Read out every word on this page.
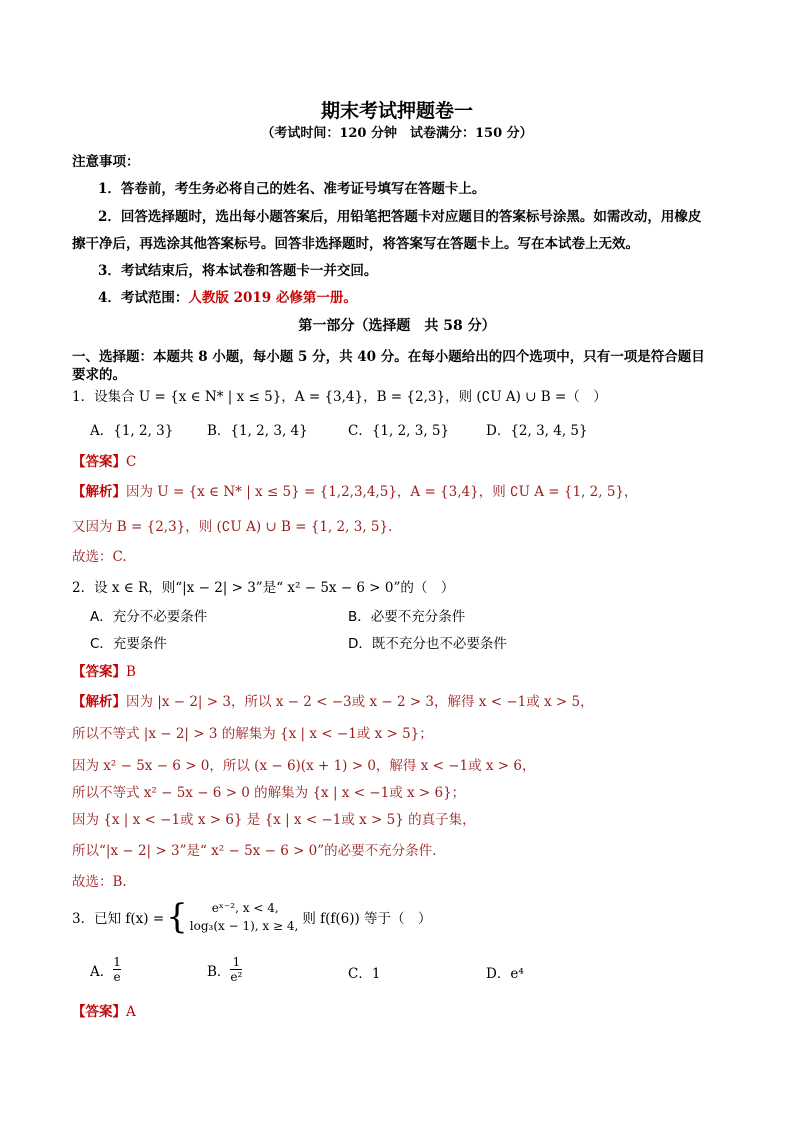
期末考试押题卷一
（考试时间：120 分钟　试卷满分：150 分）
注意事项：
1．答卷前，考生务必将自己的姓名、准考证号填写在答题卡上。
2．回答选择题时，选出每小题答案后，用铅笔把答题卡对应题目的答案标号涂黑。如需改动，用橡皮
擦干净后，再选涂其他答案标号。回答非选择题时，将答案写在答题卡上。写在本试卷上无效。
3．考试结束后，将本试卷和答题卡一并交回。
4．考试范围：人教版 2019 必修第一册。
第一部分（选择题　共 58 分）
一、选择题：本题共 8 小题，每小题 5 分，共 40 分。在每小题给出的四个选项中，只有一项是符合题目
要求的。
1．设集合 U = {x ∈ N* | x ≤ 5}，A = {3,4}，B = {2,3}，则 (∁U A) ∪ B =（　）
A．{1, 2, 3} B．{1, 2, 3, 4}	C．{1, 2, 3, 5}	D．{2, 3, 4, 5}
【答案】C
【解析】因为 U = {x ∈ N* | x ≤ 5} = {1,2,3,4,5}，A = {3,4}，则 ∁U A = {1, 2, 5}，
又因为 B = {2,3}，则 (∁U A) ∪ B = {1, 2, 3, 5}.
故选：C.
2．设 x ∈ R，则“|x − 2| > 3”是“ x² − 5x − 6 > 0”的（　）
A．充分不必要条件	B．必要不充分条件
C．充要条件	D．既不充分也不必要条件
【答案】B
【解析】因为 |x − 2| > 3，所以 x − 2 < −3或 x − 2 > 3，解得 x < −1或 x > 5，
所以不等式 |x − 2| > 3 的解集为 {x | x < −1或 x > 5}；
因为 x² − 5x − 6 > 0，所以 (x − 6)(x + 1) > 0，解得 x < −1或 x > 6，
所以不等式 x² − 5x − 6 > 0 的解集为 {x | x < −1或 x > 6}；
因为 {x | x < −1或 x > 6} 是 {x | x < −1或 x > 5} 的真子集，
所以“|x − 2| > 3”是“ x² − 5x − 6 > 0”的必要不充分条件.
故选：B.
3．已知 f(x) = {	eˣ⁻², x < 4,
log₃(x − 1), x ≥ 4, 则 f(f(6)) 等于（　）
A． $\frac{1}{e}$	B． $\frac{1}{\text{e²}}$	C．1	D．e⁴
【答案】A
